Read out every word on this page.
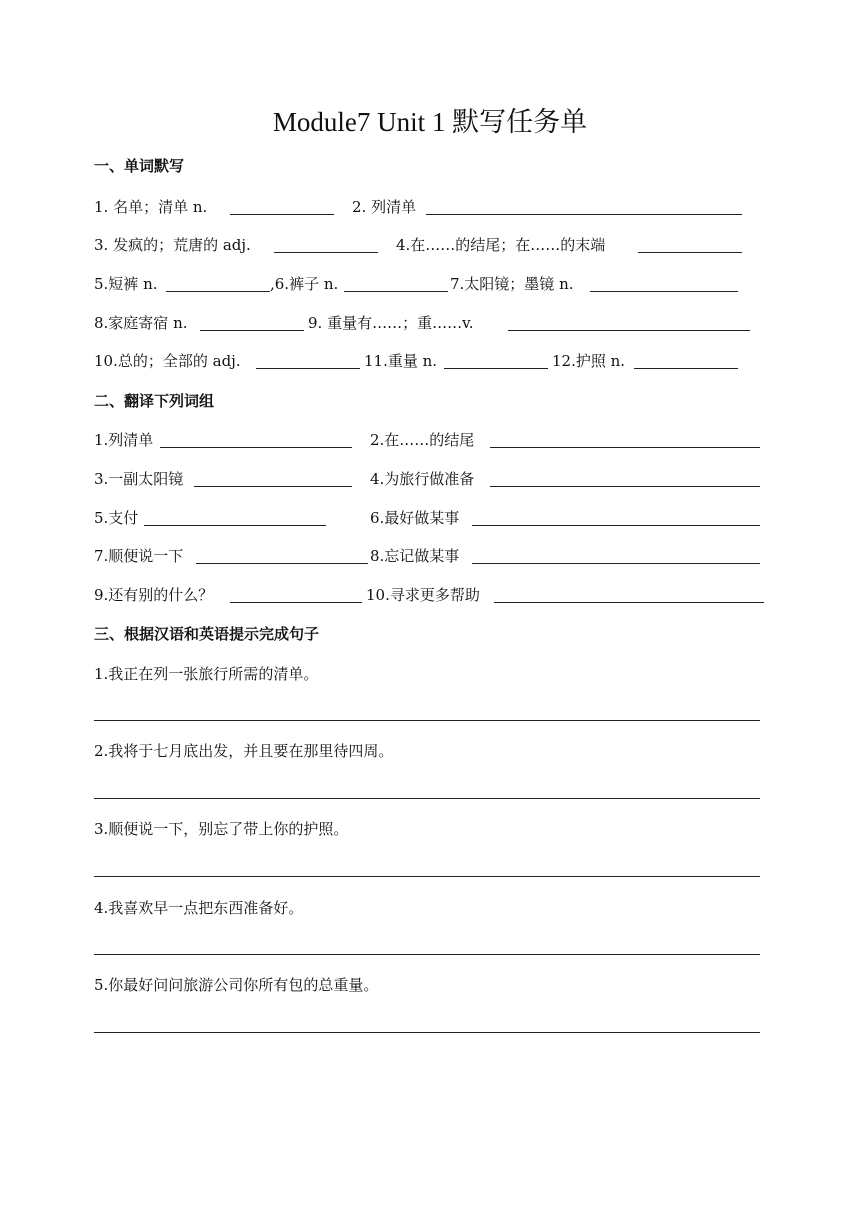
Module7 Unit 1 默写任务单
一、单词默写
1. 名单；清单 n.	2. 列清单
3. 发疯的；荒唐的 adj.	4.在……的结尾；在……的末端
5.短裤 n.	,6.裤子 n.	7.太阳镜；墨镜 n.
8.家庭寄宿 n.	9. 重量有……；重……v.
10.总的；全部的 adj.	11.重量 n.	12.护照 n.
二、翻译下列词组
1.列清单	2.在……的结尾
3.一副太阳镜	4.为旅行做准备
5.支付	6.最好做某事
7.顺便说一下	8.忘记做某事
9.还有别的什么？	10.寻求更多帮助
三、根据汉语和英语提示完成句子
1.我正在列一张旅行所需的清单。
2.我将于七月底出发，并且要在那里待四周。
3.顺便说一下，别忘了带上你的护照。
4.我喜欢早一点把东西准备好。
5.你最好问问旅游公司你所有包的总重量。
